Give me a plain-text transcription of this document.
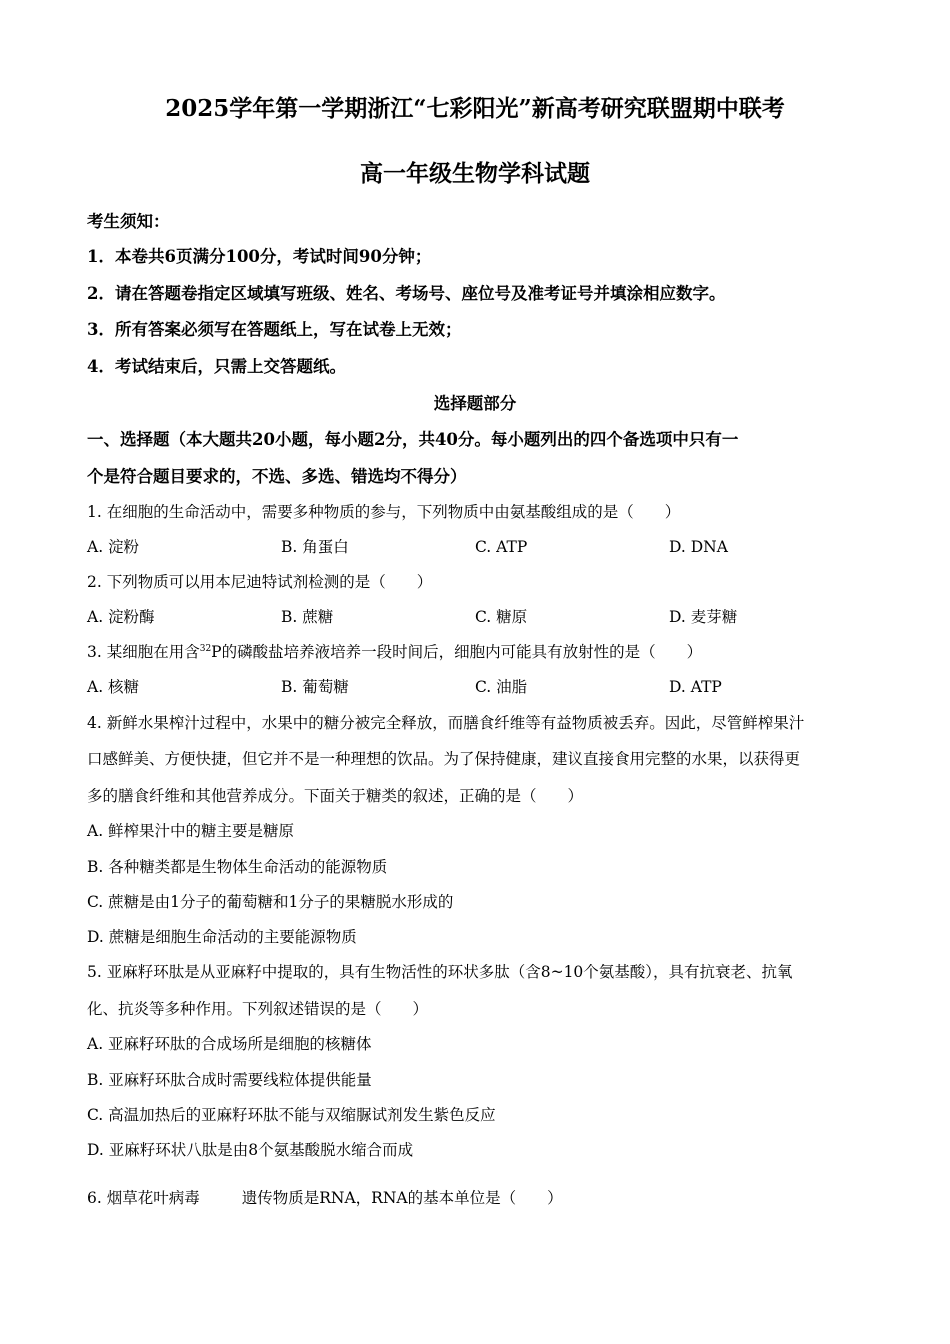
2025学年第一学期浙江“七彩阳光”新高考研究联盟期中联考
高一年级生物学科试题
考生须知：
1．本卷共6页满分100分，考试时间90分钟；
2．请在答题卷指定区域填写班级、姓名、考场号、座位号及准考证号并填涂相应数字。
3．所有答案必须写在答题纸上，写在试卷上无效；
4．考试结束后，只需上交答题纸。
选择题部分
一、选择题（本大题共20小题，每小题2分，共40分。每小题列出的四个备选项中只有一
个是符合题目要求的，不选、多选、错选均不得分）
1. 在细胞的生命活动中，需要多种物质的参与，下列物质中由氨基酸组成的是（　　）
A. 淀粉	B. 角蛋白	C. ATP	D. DNA
2. 下列物质可以用本尼迪特试剂检测的是（　　）
A. 淀粉酶	B. 蔗糖	C. 糖原	D. 麦芽糖
3. 某细胞在用含$^{32}$P的磷酸盐培养液培养一段时间后，细胞内可能具有放射性的是（　　）
A. 核糖	B. 葡萄糖	C. 油脂	D. ATP
4. 新鲜水果榨汁过程中，水果中的糖分被完全释放，而膳食纤维等有益物质被丢弃。因此，尽管鲜榨果汁
口感鲜美、方便快捷，但它并不是一种理想的饮品。为了保持健康，建议直接食用完整的水果，以获得更
多的膳食纤维和其他营养成分。下面关于糖类的叙述，正确的是（　　）
A. 鲜榨果汁中的糖主要是糖原
B. 各种糖类都是生物体生命活动的能源物质
C. 蔗糖是由1分子的葡萄糖和1分子的果糖脱水形成的
D. 蔗糖是细胞生命活动的主要能源物质
5. 亚麻籽环肽是从亚麻籽中提取的，具有生物活性的环状多肽（含8~10个氨基酸），具有抗衰老、抗氧
化、抗炎等多种作用。下列叙述错误的是（　　）
A. 亚麻籽环肽的合成场所是细胞的核糖体
B. 亚麻籽环肽合成时需要线粒体提供能量
C. 高温加热后的亚麻籽环肽不能与双缩脲试剂发生紫色反应
D. 亚麻籽环状八肽是由8个氨基酸脱水缩合而成
6. 烟草花叶病毒	遗传物质是RNA，RNA的基本单位是（　　）
